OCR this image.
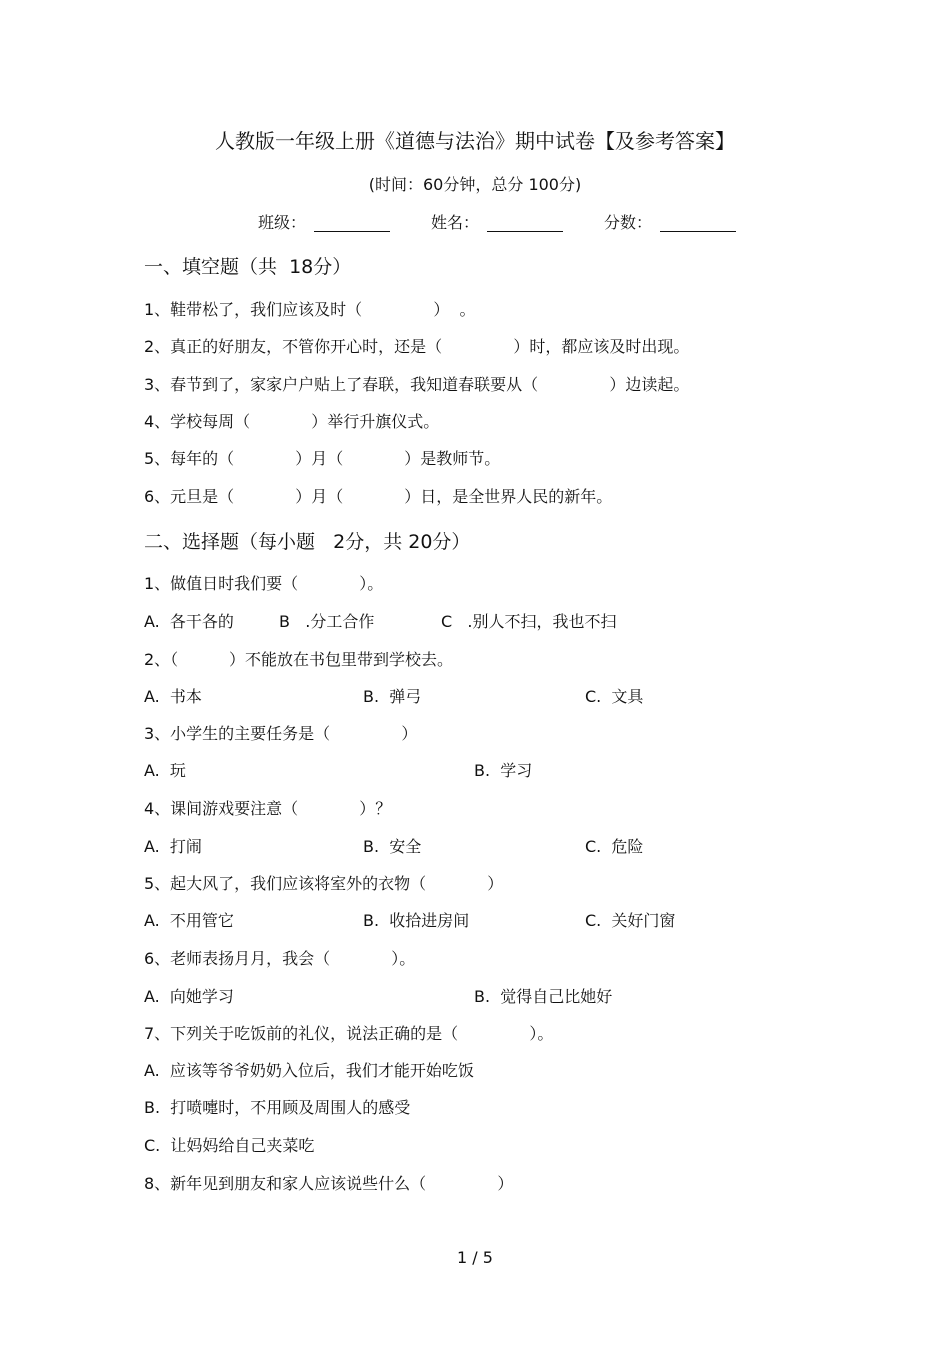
人教版一年级上册《道德与法治》期中试卷【及参考答案】
(时间：60分钟，总分 100分)
班级：	姓名：	分数：
一、填空题（共  18分）
1、鞋带松了，我们应该及时（              ）  。
2、真正的好朋友，不管你开心时，还是（              ）时，都应该及时出现。
3、春节到了，家家户户贴上了春联，我知道春联要从（              ）边读起。
4、学校每周（            ）举行升旗仪式。
5、每年的（            ）月（            ）是教师节。
6、元旦是（            ）月（            ）日，是全世界人民的新年。
二、选择题（每小题   2分，共 20分）
1、做值日时我们要（            ）。
A.  各干各的	B   .分工合作	C   .别人不扫，我也不扫
2、（          ）不能放在书包里带到学校去。
A.  书本	B.  弹弓	C.  文具
3、小学生的主要任务是（              ）
A.  玩	B.  学习
4、课间游戏要注意（            ）？
A.  打闹	B.  安全	C.  危险
5、起大风了，我们应该将室外的衣物（            ）
A.  不用管它	B.  收拾进房间	C.  关好门窗
6、老师表扬月月，我会（            ）。
A.  向她学习	B.  觉得自己比她好
7、下列关于吃饭前的礼仪，说法正确的是（              ）。
A.  应该等爷爷奶奶入位后，我们才能开始吃饭
B.  打喷嚏时，不用顾及周围人的感受
C.  让妈妈给自己夹菜吃
8、新年见到朋友和家人应该说些什么（              ）
1 / 5
